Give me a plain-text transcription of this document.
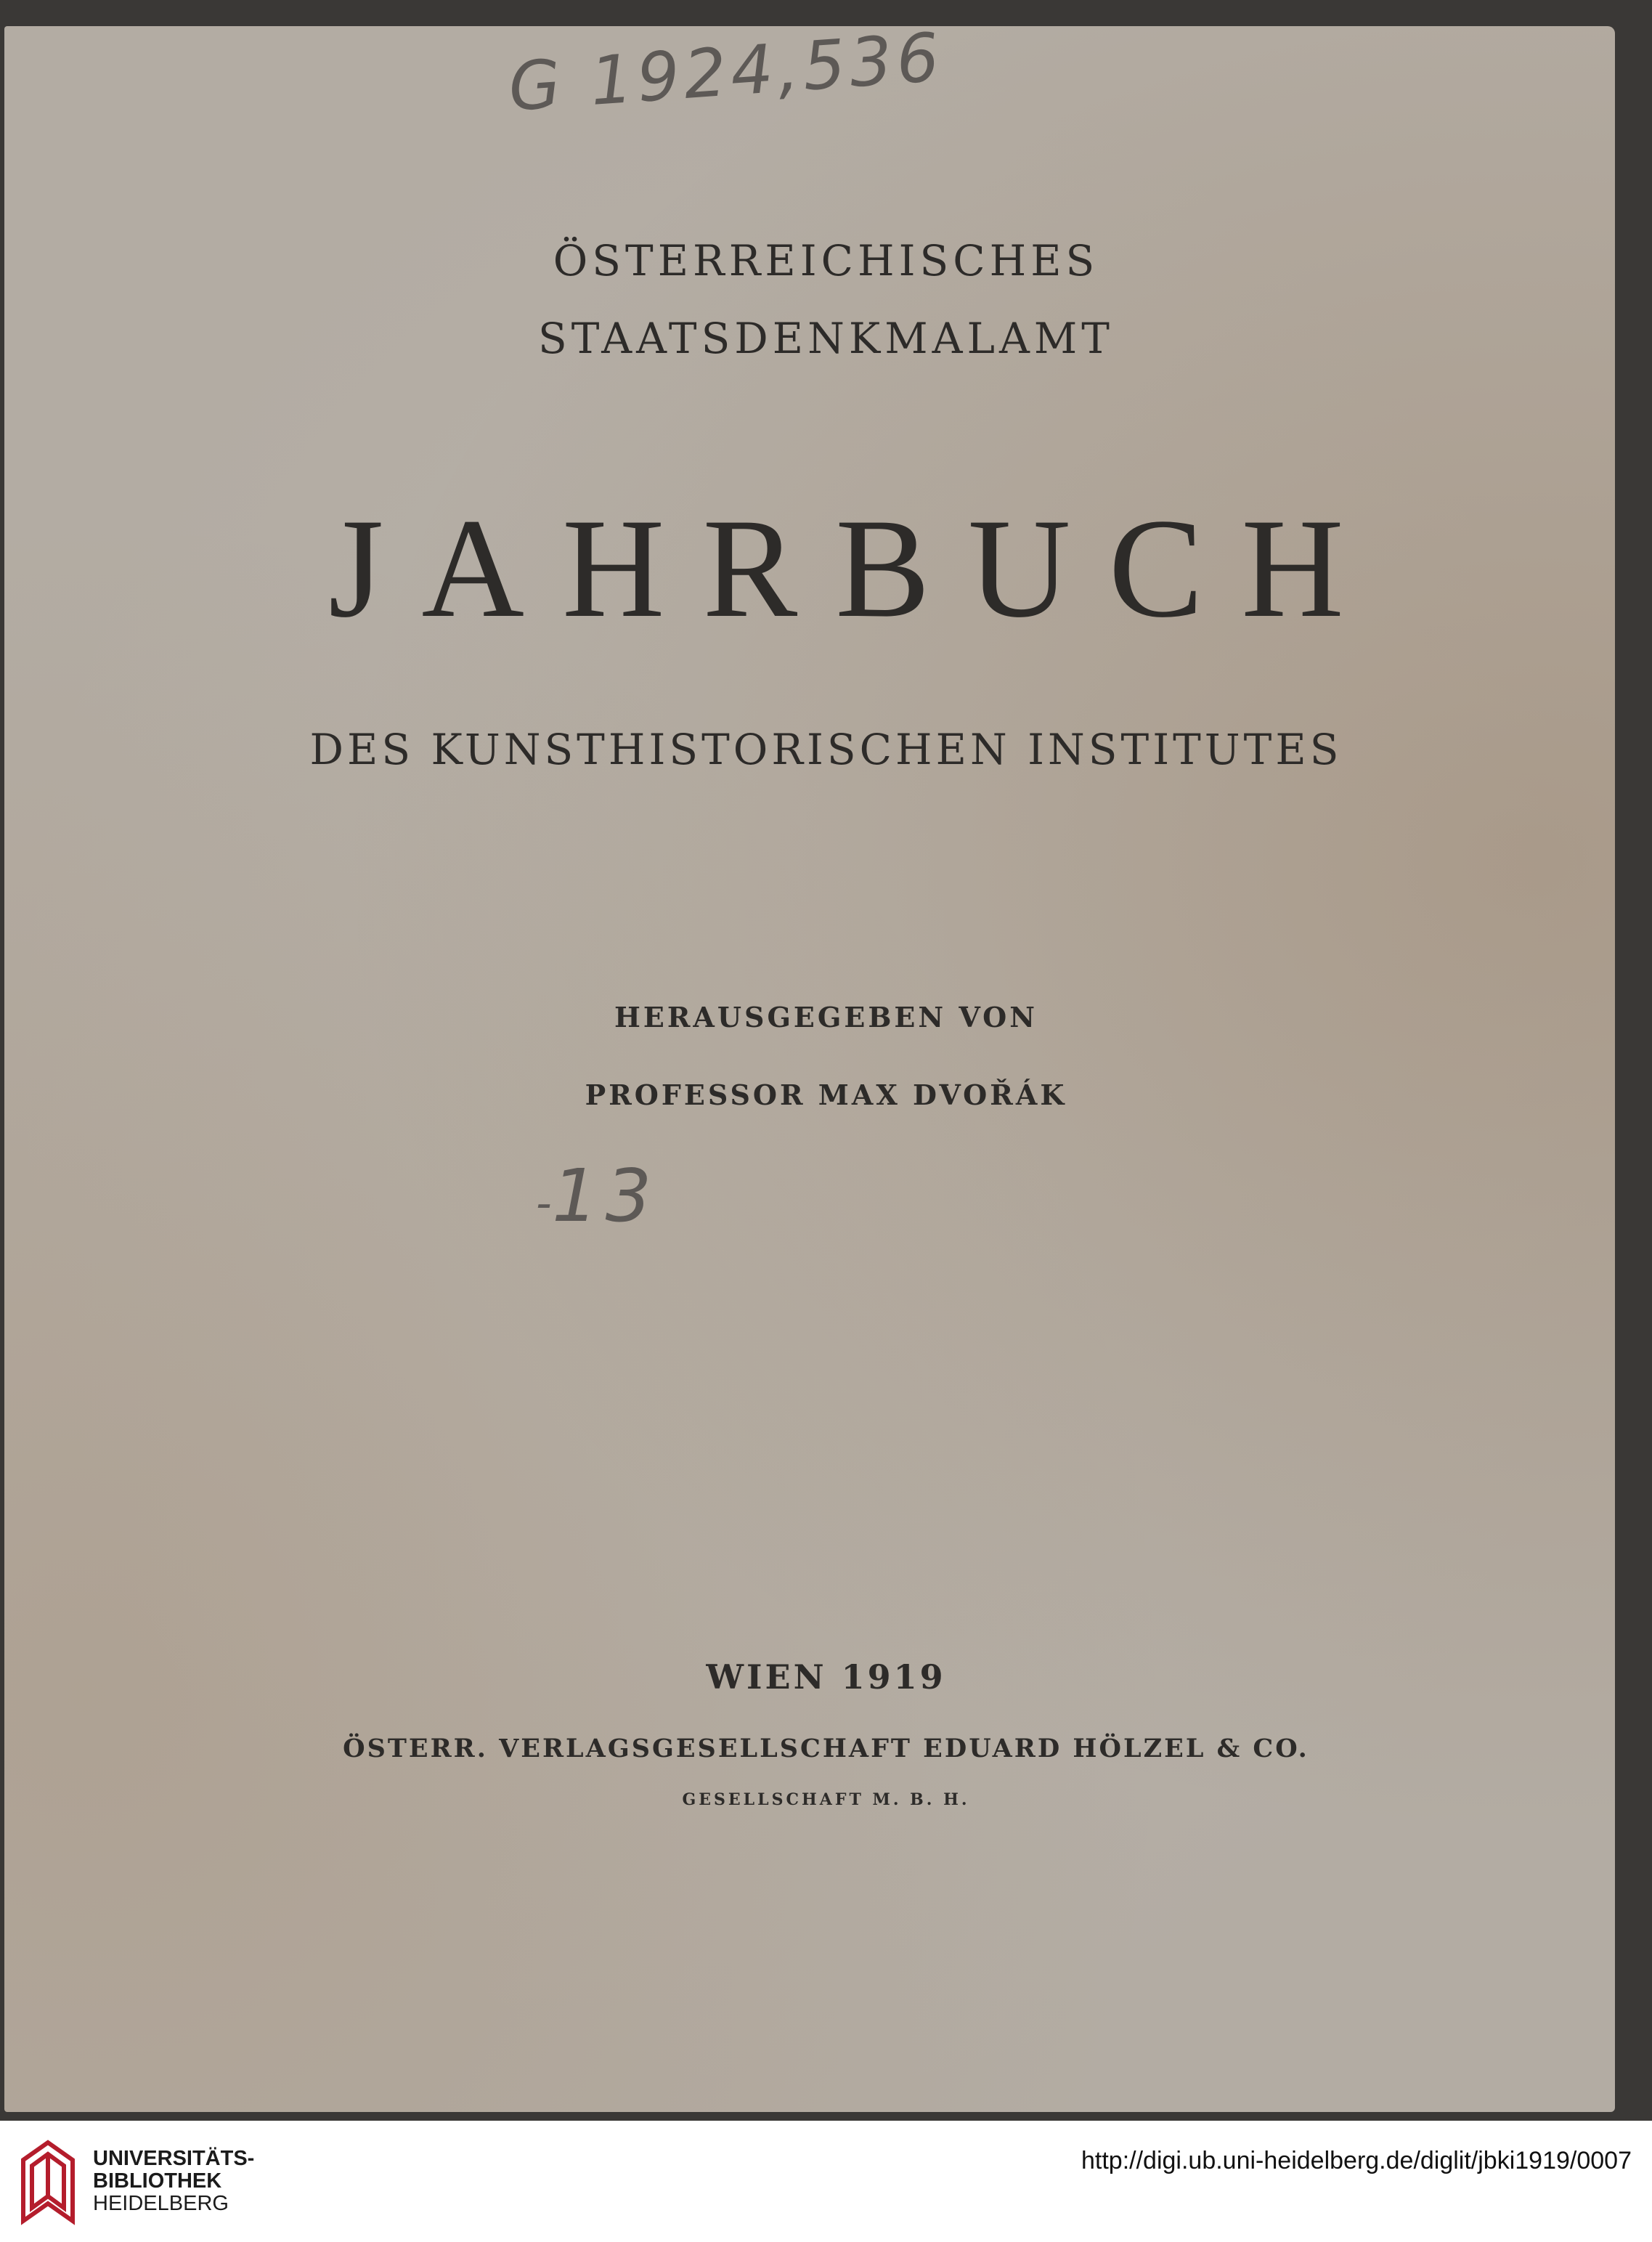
G 1924,536
ÖSTERREICHISCHES
STAATSDENKMALAMT
JAHRBUCH
DES KUNSTHISTORISCHEN INSTITUTES
HERAUSGEGEBEN VON
PROFESSOR MAX DVOŘÁK
13
-
WIEN 1919
ÖSTERR. VERLAGSGESELLSCHAFT EDUARD HÖLZEL & CO.
GESELLSCHAFT M. B. H.
UNIVERSITÄTS-
BIBLIOTHEK
HEIDELBERG
http://digi.ub.uni-heidelberg.de/diglit/jbki1919/0007
